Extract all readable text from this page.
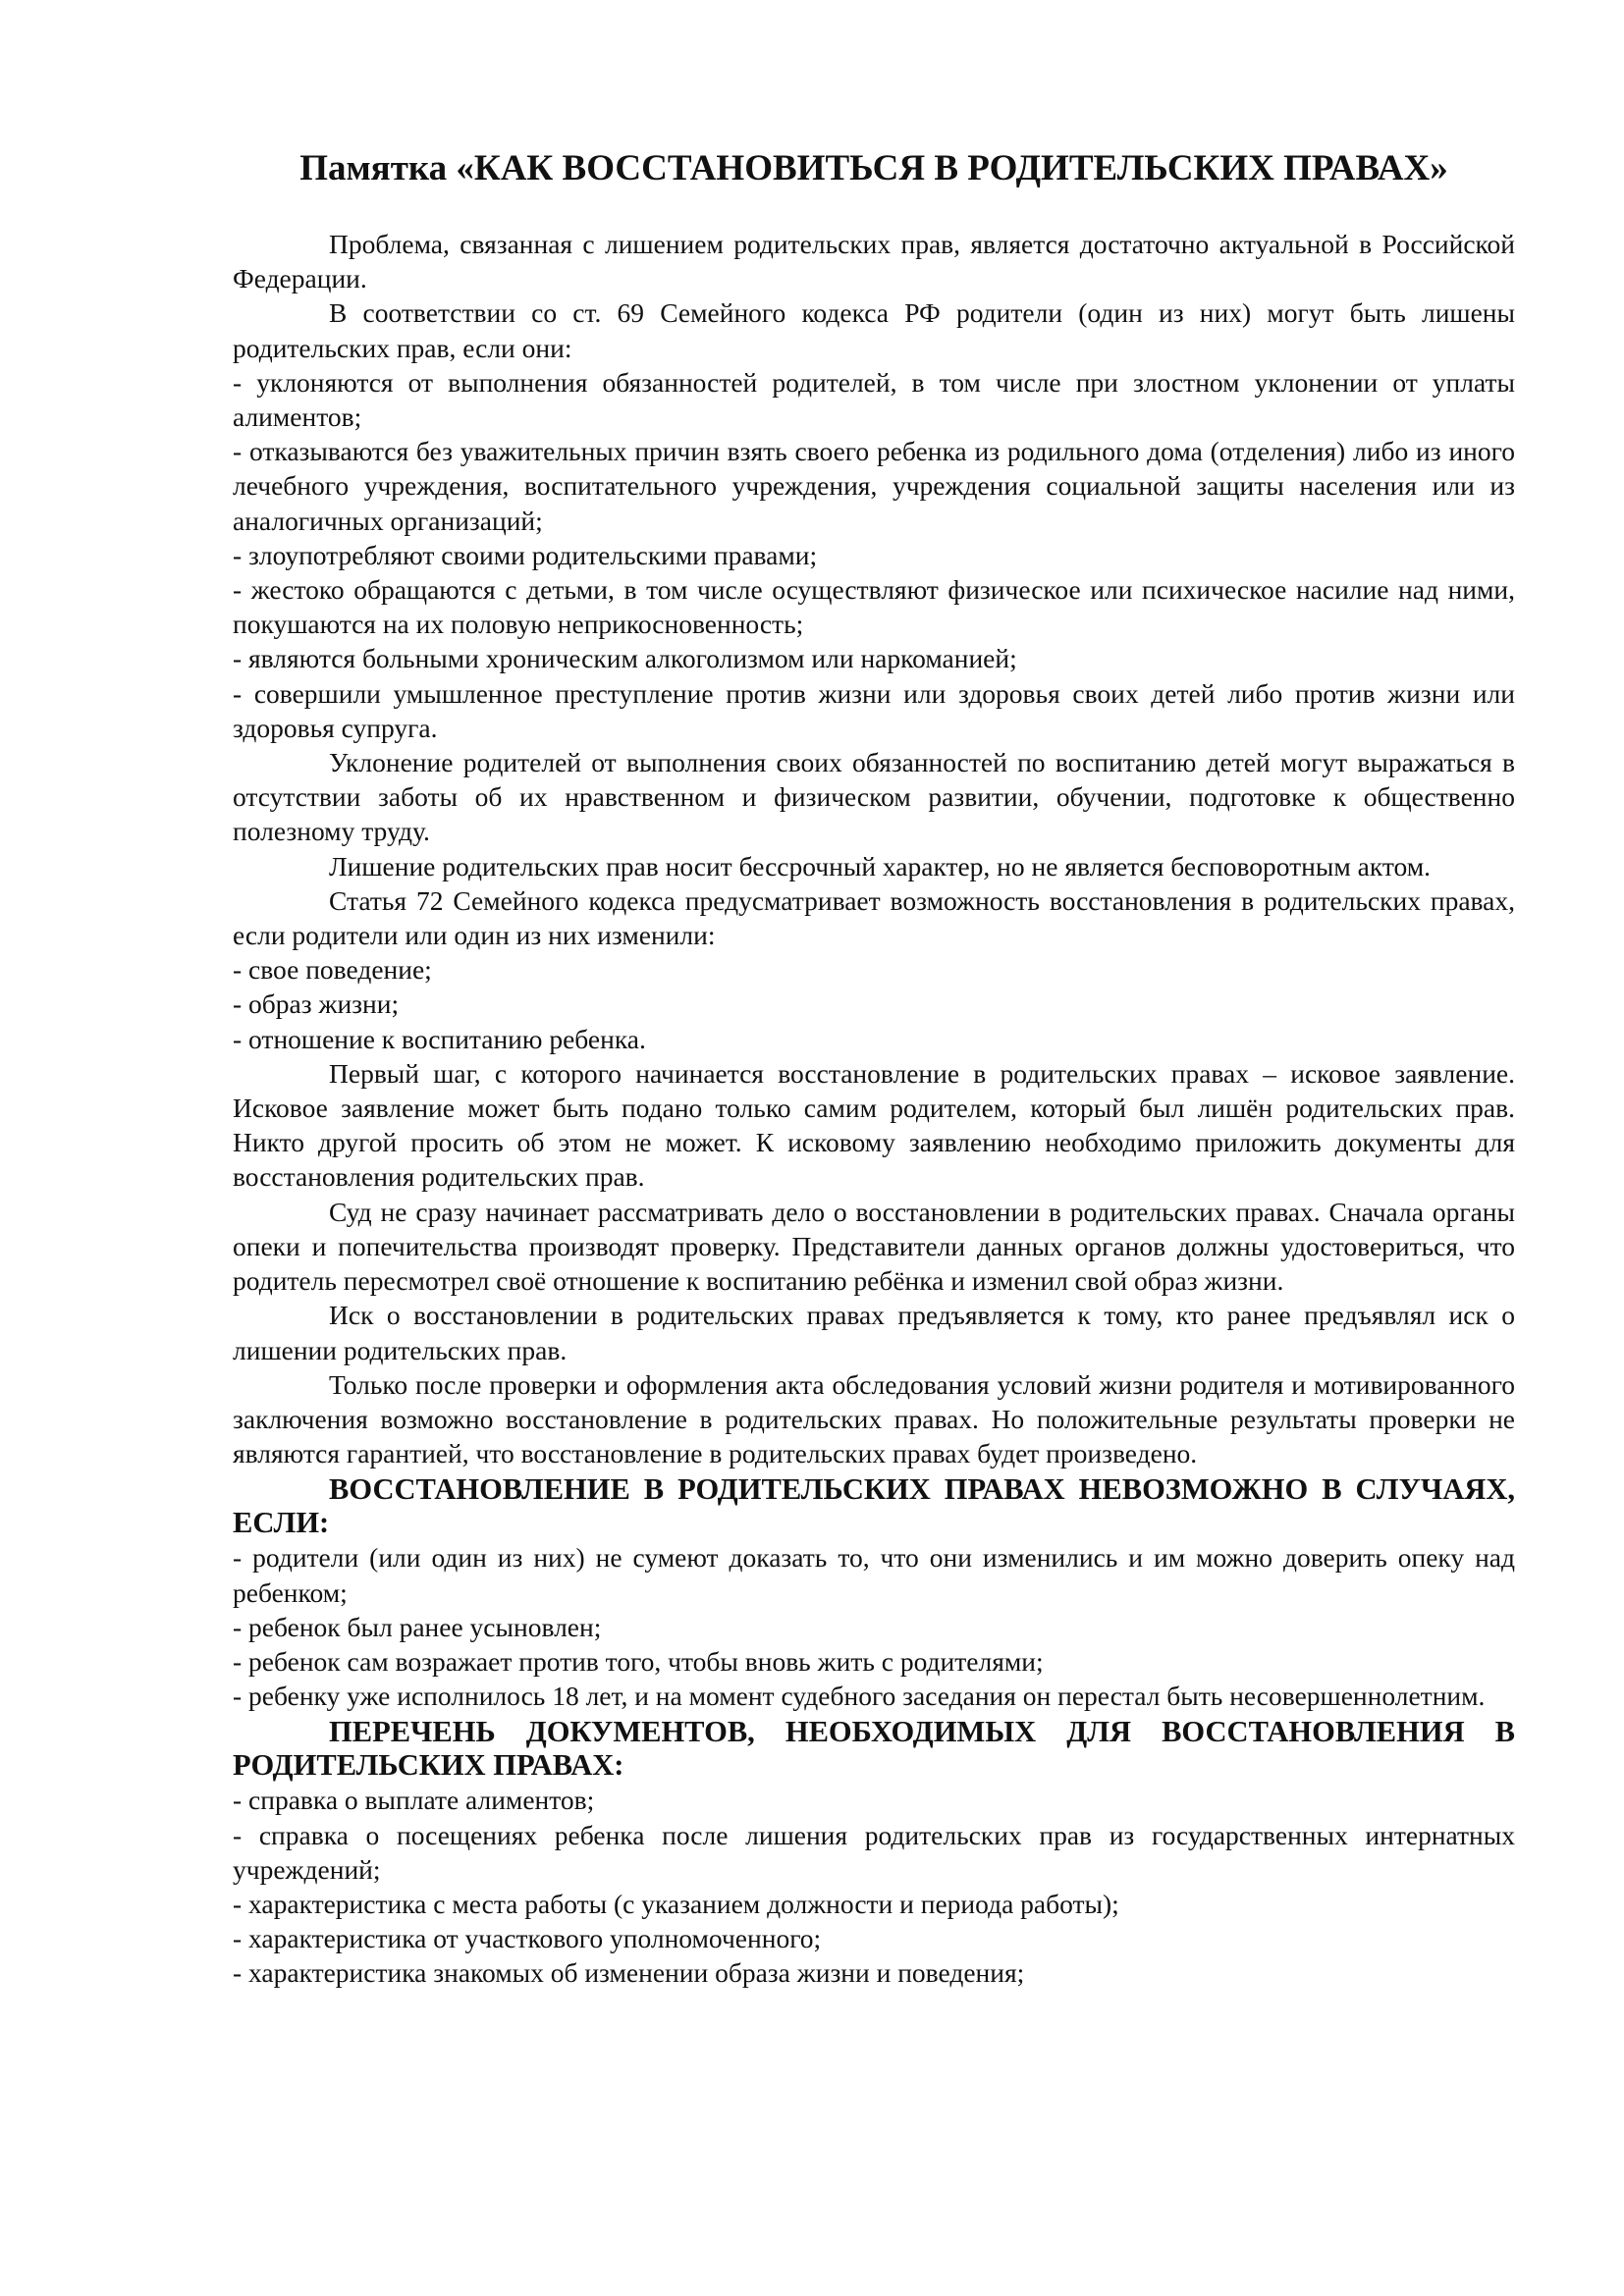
Памятка «КАК ВОССТАНОВИТЬСЯ В РОДИТЕЛЬСКИХ ПРАВАХ»

Проблема, связанная с лишением родительских прав, является достаточно актуальной в Российской Федерации.

В соответствии со ст. 69 Семейного кодекса РФ родители (один из них) могут быть лишены родительских прав, если они:

- уклоняются от выполнения обязанностей родителей, в том числе при злостном уклонении от уплаты алиментов;

- отказываются без уважительных причин взять своего ребенка из родильного дома (отделения) либо из иного лечебного учреждения, воспитательного учреждения, учреждения социальной защиты населения или из аналогичных организаций;

- злоупотребляют своими родительскими правами;

- жестоко обращаются с детьми, в том числе осуществляют физическое или психическое насилие над ними, покушаются на их половую неприкосновенность;

- являются больными хроническим алкоголизмом или наркоманией;

- совершили умышленное преступление против жизни или здоровья своих детей либо против жизни или здоровья супруга.

Уклонение родителей от выполнения своих обязанностей по воспитанию детей могут выражаться в отсутствии заботы об их нравственном и физическом развитии, обучении, подготовке к общественно полезному труду.

Лишение родительских прав носит бессрочный характер, но не является бесповоротным актом.

Статья 72 Семейного кодекса предусматривает возможность восстановления в родительских правах, если родители или один из них изменили:

- свое поведение;

- образ жизни;

- отношение к воспитанию ребенка.

Первый шаг, с которого начинается восстановление в родительских правах – исковое заявление. Исковое заявление может быть подано только самим родителем, который был лишён родительских прав. Никто другой просить об этом не может. К исковому заявлению необходимо приложить документы для восстановления родительских прав.

Суд не сразу начинает рассматривать дело о восстановлении в родительских правах. Сначала органы опеки и попечительства производят проверку. Представители данных органов должны удостовериться, что родитель пересмотрел своё отношение к воспитанию ребёнка и изменил свой образ жизни.

Иск о восстановлении в родительских правах предъявляется к тому, кто ранее предъявлял иск о лишении родительских прав.

Только после проверки и оформления акта обследования условий жизни родителя и мотивированного заключения возможно восстановление в родительских правах. Но положительные результаты проверки не являются гарантией, что восстановление в родительских правах будет произведено.

ВОССТАНОВЛЕНИЕ В РОДИТЕЛЬСКИХ ПРАВАХ НЕВОЗМОЖНО В СЛУЧАЯХ, ЕСЛИ:

- родители (или один из них) не сумеют доказать то, что они изменились и им можно доверить опеку над ребенком;

- ребенок был ранее усыновлен;

- ребенок сам возражает против того, чтобы вновь жить с родителями;

- ребенку уже исполнилось 18 лет, и на момент судебного заседания он перестал быть несовершеннолетним.

ПЕРЕЧЕНЬ ДОКУМЕНТОВ, НЕОБХОДИМЫХ ДЛЯ ВОССТАНОВЛЕНИЯ В РОДИТЕЛЬСКИХ ПРАВАХ:

- справка о выплате алиментов;

- справка о посещениях ребенка после лишения родительских прав из государственных интернатных учреждений;

- характеристика с места работы (с указанием должности и периода работы);

- характеристика от участкового уполномоченного;

- характеристика знакомых об изменении образа жизни и поведения;
